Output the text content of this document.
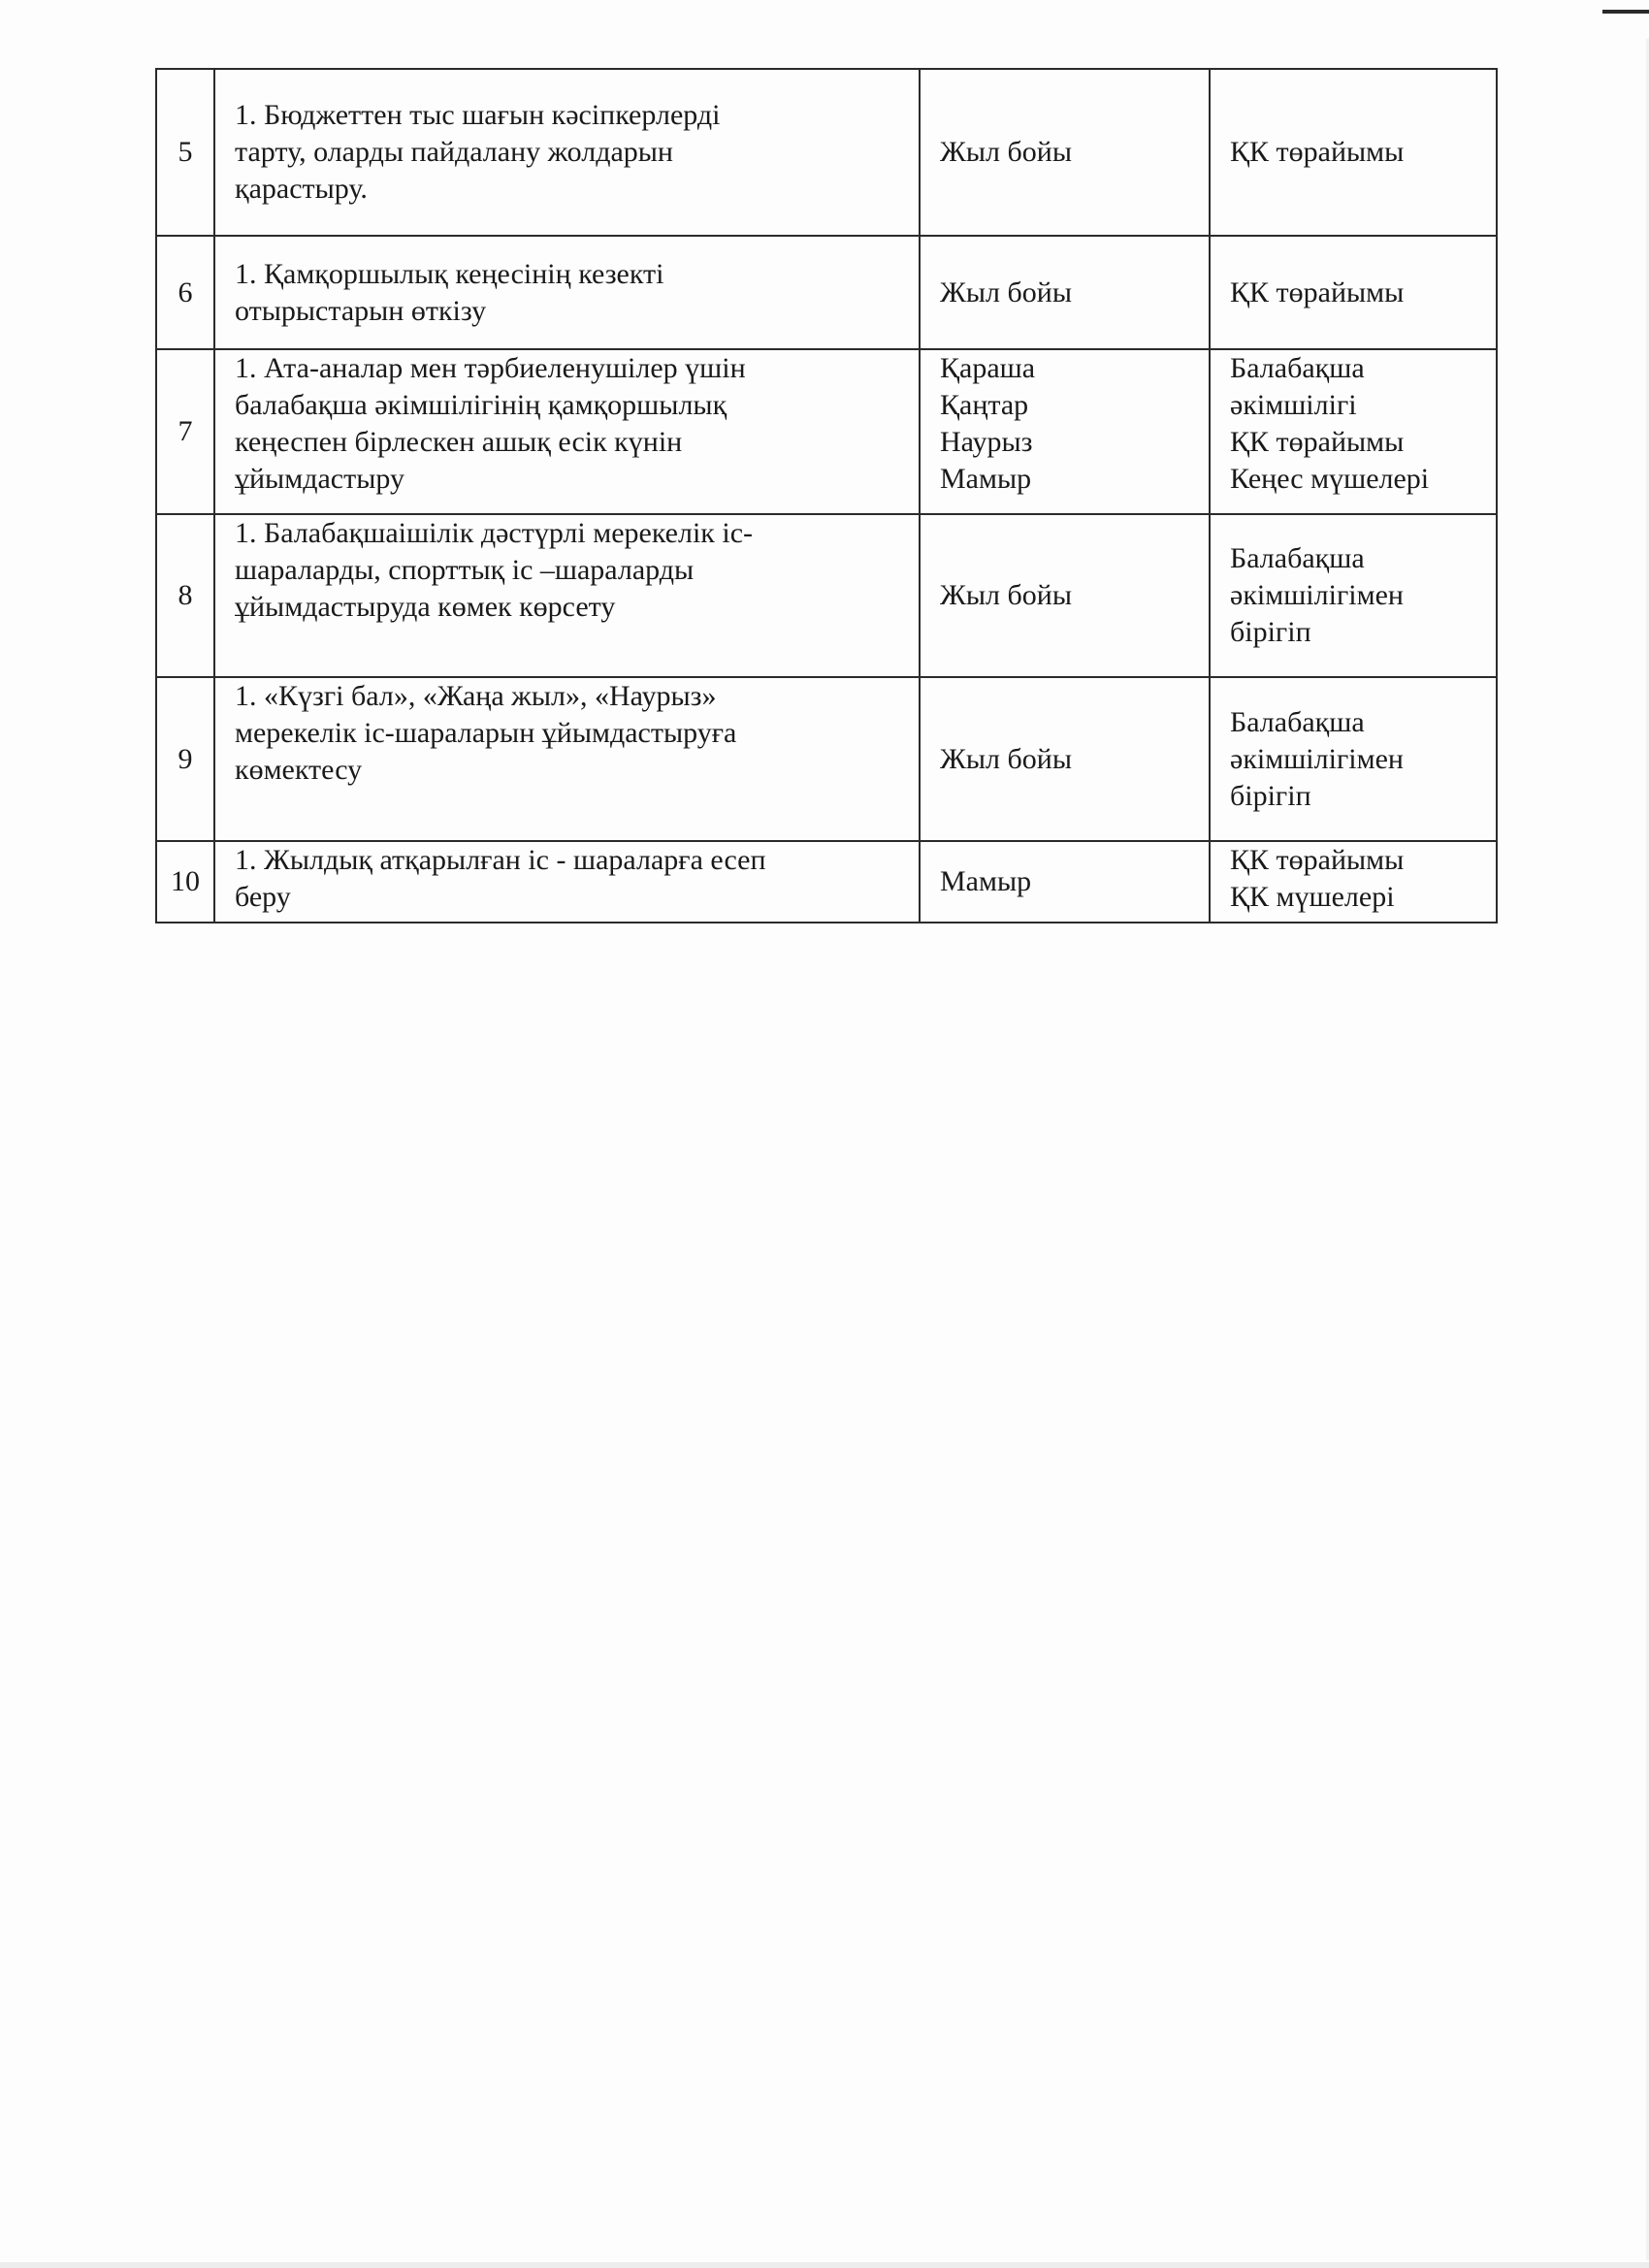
5	1. Бюджеттен тыс шағын кәсіпкерлерді
тарту, оларды пайдалану жолдарын
қарастыру.	Жыл бойы	ҚК төрайымы
6	1. Қамқоршылық кеңесінің кезекті
отырыстарын өткізу	Жыл бойы	ҚК төрайымы
7	1. Ата-аналар мен тәрбиеленушілер үшін
балабақша әкімшілігінің қамқоршылық
кеңеспен бірлескен ашық есік күнін
ұйымдастыру	Қараша
Қаңтар
Наурыз
Мамыр	Балабақша
әкімшілігі
ҚК төрайымы
Кеңес мүшелері
8	1. Балабақшаішілік дәстүрлі мерекелік іс-
шараларды, спорттық іс –шараларды
ұйымдастыруда көмек көрсету	Жыл бойы	Балабақша
әкімшілігімен
бірігіп
9	1. «Күзгі бал», «Жаңа жыл», «Наурыз»
мерекелік іс-шараларын ұйымдастыруға
көмектесу	Жыл бойы	Балабақша
әкімшілігімен
бірігіп
10	1. Жылдық атқарылған іс - шараларға есеп
беру	Мамыр	ҚК төрайымы
ҚК мүшелері
